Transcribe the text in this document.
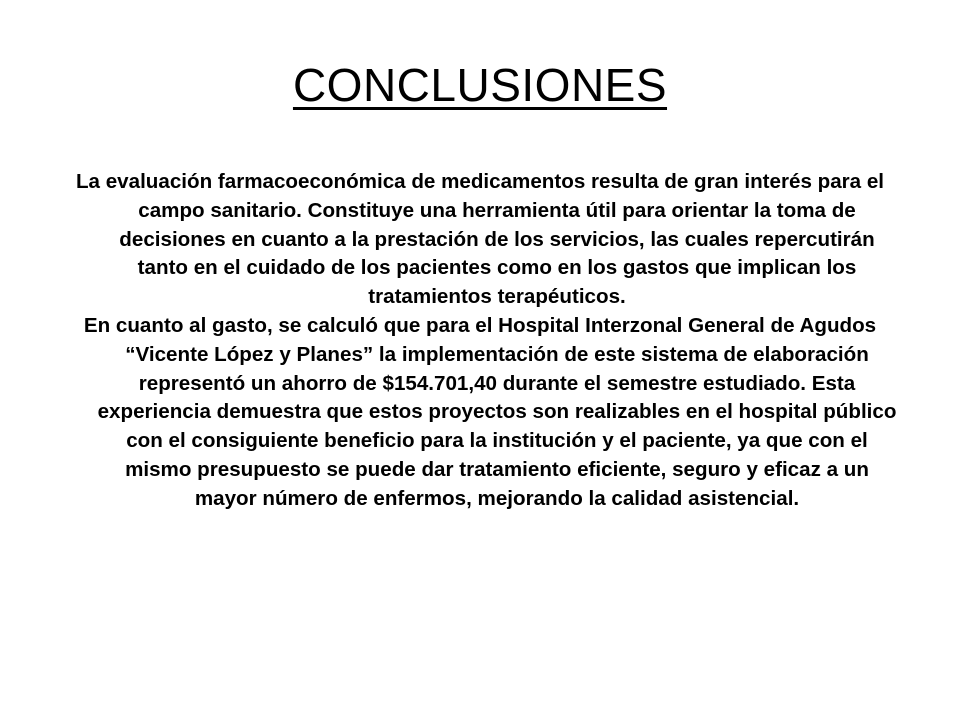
CONCLUSIONES

La evaluación farmacoeconómica de medicamentos resulta de gran interés para el campo sanitario. Constituye una herramienta útil para orientar la toma de decisiones en cuanto a la prestación de los servicios, las cuales repercutirán tanto en el cuidado de los pacientes como en los gastos que implican los tratamientos terapéuticos.

En cuanto al gasto, se calculó que para el Hospital Interzonal General de Agudos “Vicente López y Planes” la implementación de este sistema de elaboración representó un ahorro de $154.701,40 durante el semestre estudiado. Esta experiencia demuestra que estos proyectos son realizables en el hospital público con el consiguiente beneficio para la institución y el paciente, ya que con el mismo presupuesto se puede dar tratamiento eficiente, seguro y eficaz a un mayor número de enfermos, mejorando la calidad asistencial.
